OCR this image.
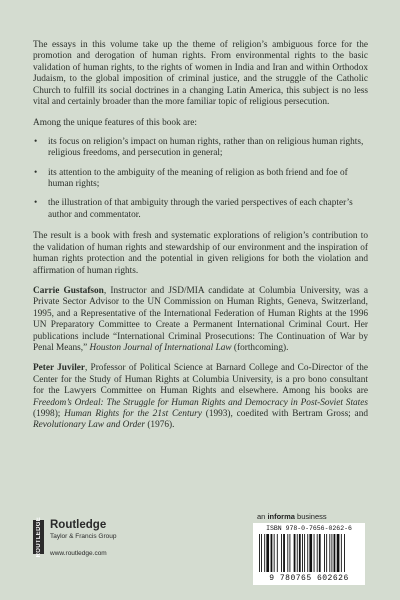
The essays in this volume take up the theme of religion’s ambiguous force for the promotion and derogation of human rights. From environmental rights to the basic validation of human rights, to the rights of women in India and Iran and within Orthodox Judaism, to the global imposition of criminal justice, and the struggle of the Catholic Church to fulfill its social doctrines in a changing Latin America, this subject is no less vital and certainly broader than the more familiar topic of religious persecution.

Among the unique features of this book are:

• its focus on religion’s impact on human rights, rather than on religious human rights, religious freedoms, and persecution in general;
• its attention to the ambiguity of the meaning of religion as both friend and foe of human rights;
• the illustration of that ambiguity through the varied perspectives of each chapter’s author and commentator.

The result is a book with fresh and systematic explorations of religion’s contribution to the validation of human rights and stewardship of our environment and the inspiration of human rights protection and the potential in given religions for both the violation and affirmation of human rights.

Carrie Gustafson, Instructor and JSD/MIA candidate at Columbia University, was a Private Sector Advisor to the UN Commission on Human Rights, Geneva, Switzerland, 1995, and a Representative of the International Federation of Human Rights at the 1996 UN Preparatory Committee to Create a Permanent International Criminal Court. Her publications include “International Criminal Prosecutions: The Continuation of War by Penal Means,” Houston Journal of International Law (forthcoming).

Peter Juviler, Professor of Political Science at Barnard College and Co-Director of the Center for the Study of Human Rights at Columbia University, is a pro bono consultant for the Lawyers Committee on Human Rights and elsewhere. Among his books are Freedom’s Ordeal: The Struggle for Human Rights and Democracy in Post-Soviet States (1998); Human Rights for the 21st Century (1993), coedited with Bertram Gross; and Revolutionary Law and Order (1976).

ROUTLEDGE Routledge
Taylor & Francis Group
www.routledge.com
an informa business
ISBN 978-0-7656-0262-6
9 780765 602626
